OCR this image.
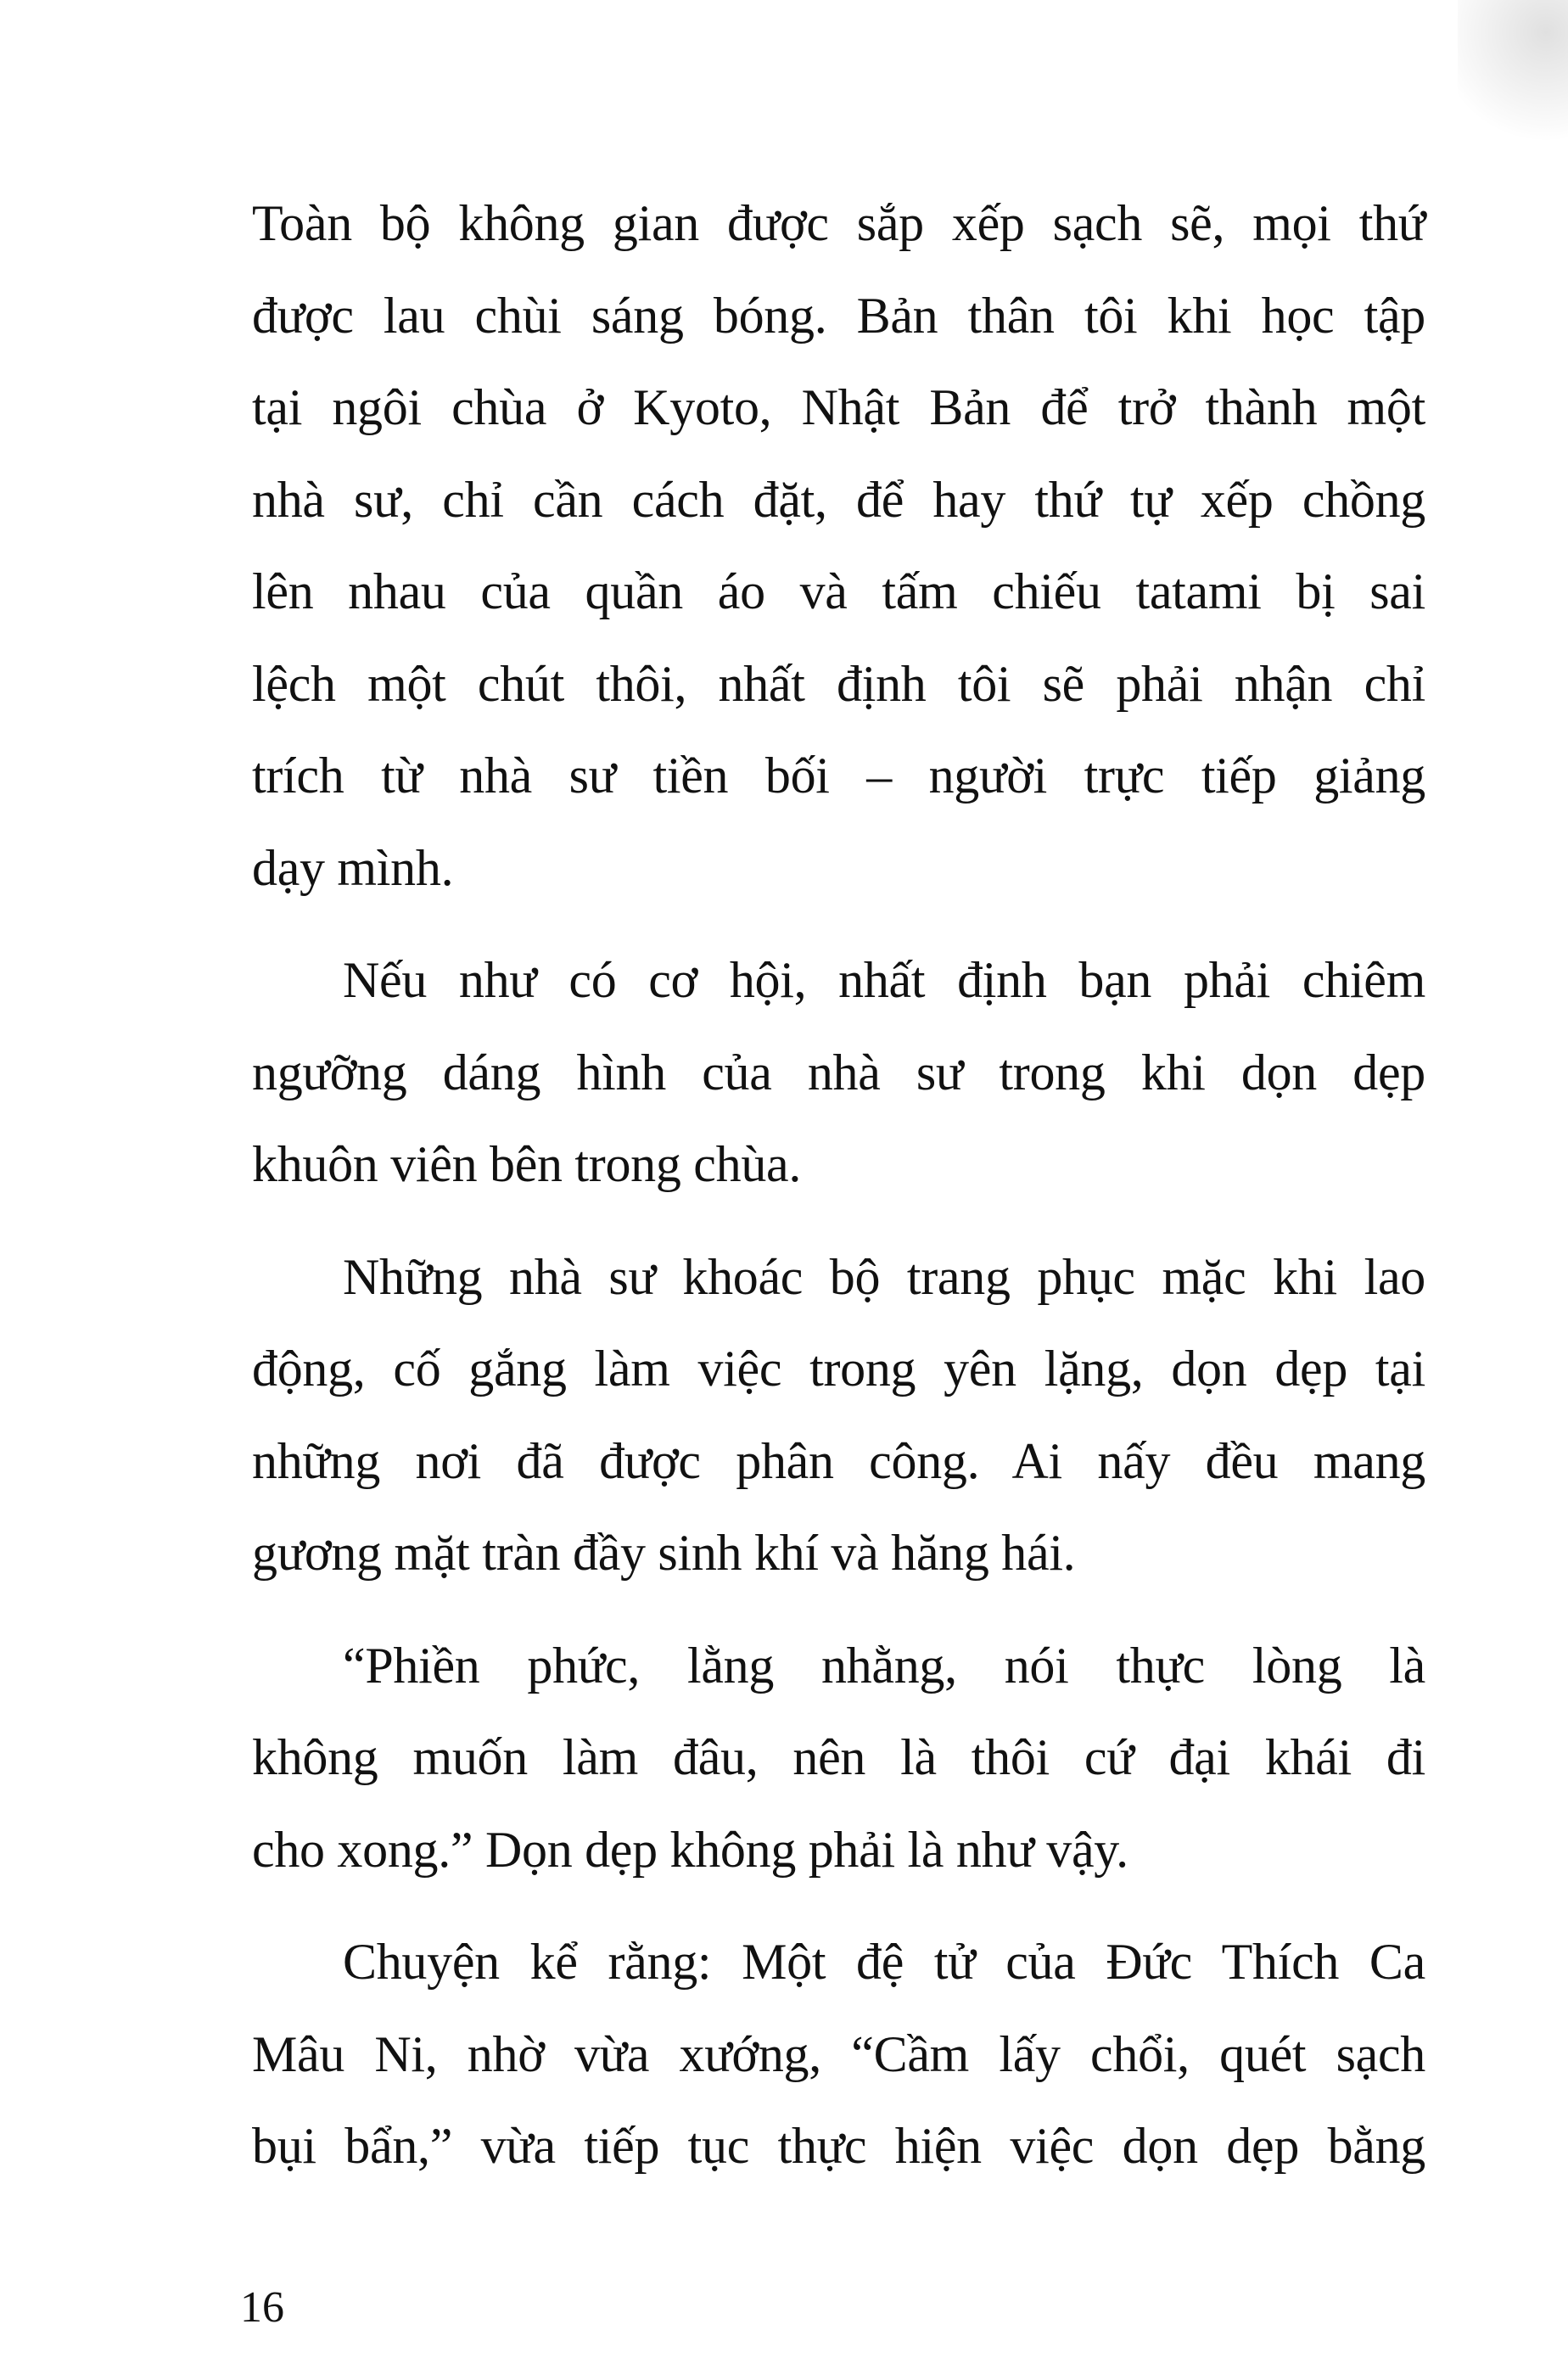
Toàn bộ không gian được sắp xếp sạch sẽ, mọi thứ
được lau chùi sáng bóng. Bản thân tôi khi học tập
tại ngôi chùa ở Kyoto, Nhật Bản để trở thành một
nhà sư, chỉ cần cách đặt, để hay thứ tự xếp chồng
lên nhau của quần áo và tấm chiếu tatami bị sai
lệch một chút thôi, nhất định tôi sẽ phải nhận chỉ
trích từ nhà sư tiền bối – người trực tiếp giảng
dạy mình.
Nếu như có cơ hội, nhất định bạn phải chiêm
ngưỡng dáng hình của nhà sư trong khi dọn dẹp
khuôn viên bên trong chùa.
Những nhà sư khoác bộ trang phục mặc khi lao
động, cố gắng làm việc trong yên lặng, dọn dẹp tại
những nơi đã được phân công. Ai nấy đều mang
gương mặt tràn đầy sinh khí và hăng hái.
“Phiền phức, lằng nhằng, nói thực lòng là
không muốn làm đâu, nên là thôi cứ đại khái đi
cho xong.” Dọn dẹp không phải là như vậy.
Chuyện kể rằng: Một đệ tử của Đức Thích Ca
Mâu Ni, nhờ vừa xướng, “Cầm lấy chổi, quét sạch
bụi bẩn,” vừa tiếp tục thực hiện việc dọn dẹp bằng
16
